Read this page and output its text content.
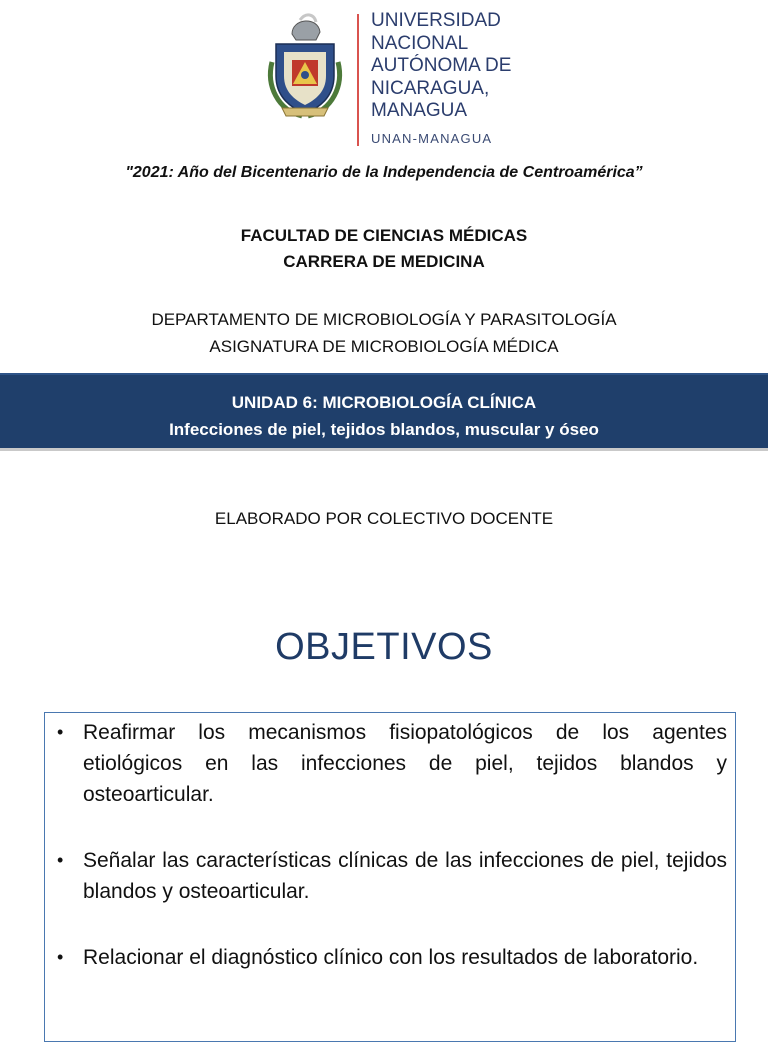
UNIVERSIDAD
NACIONAL
AUTÓNOMA DE
NICARAGUA,
MANAGUA
UNAN-MANAGUA
"2021: Año del Bicentenario de la Independencia de Centroamérica”
FACULTAD DE CIENCIAS MÉDICAS
CARRERA DE MEDICINA
DEPARTAMENTO DE MICROBIOLOGÍA Y PARASITOLOGÍA
ASIGNATURA DE MICROBIOLOGÍA MÉDICA
UNIDAD 6: MICROBIOLOGÍA CLÍNICA
Infecciones de piel, tejidos blandos, muscular y óseo
ELABORADO POR COLECTIVO DOCENTE
OBJETIVOS
• Reafirmar los mecanismos fisiopatológicos de los agentes etiológicos en las infecciones de piel, tejidos blandos y osteoarticular.
• Señalar las características clínicas de las infecciones de piel, tejidos blandos y osteoarticular.
• Relacionar el diagnóstico clínico con los resultados de laboratorio.
